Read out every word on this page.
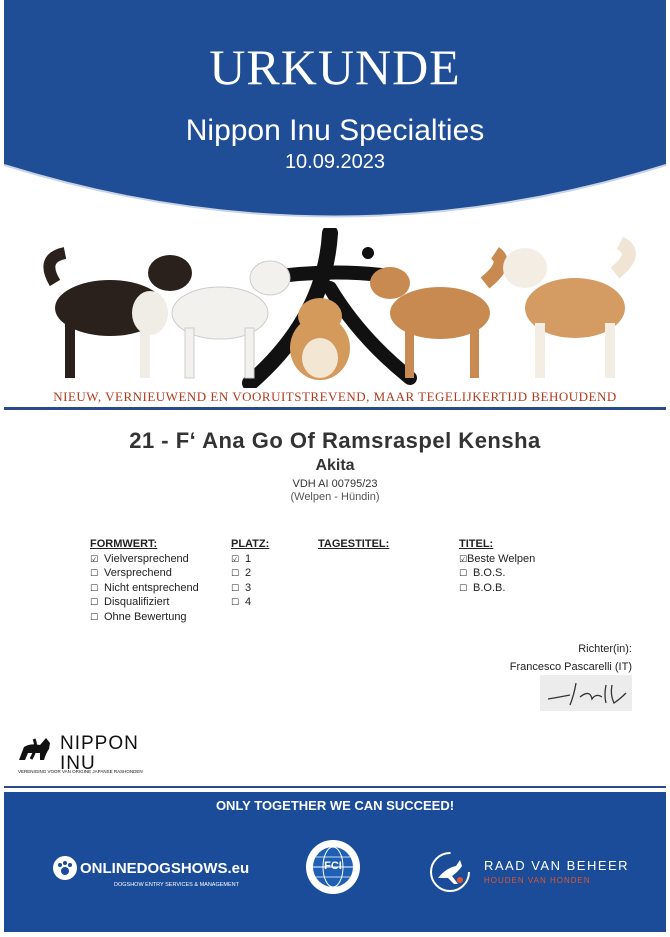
URKUNDE
Nippon Inu Specialties
10.09.2023
NIEUW, VERNIEUWEND EN VOORUITSTREVEND, MAAR TEGELIJKERTIJD BEHOUDEND
21 - F‘ Ana Go Of Ramsraspel Kensha
Akita
VDH AI 00795/23
(Welpen - Hündin)
FORMWERT:
☑ Vielversprechend
☐ Versprechend
☐ Nicht entsprechend
☐ Disqualifiziert
☐ Ohne Bewertung
PLATZ:
☑ 1
☐ 2
☐ 3
☐ 4
TAGESTITEL:	TITEL:
☑Beste Welpen
☐ B.O.S.
☐ B.O.B.
Richter(in):
Francesco Pascarelli (IT)
NIPPON
INU
VERENIGING VOOR VAN ORIGINE JAPANSE RASHONDEN
ONLY TOGETHER WE CAN SUCCEED!
ONLINEDOGSHOWS.eu
DOGSHOW ENTRY SERVICES & MANAGEMENT
FCI	RAAD VAN BEHEER
HOUDEN VAN HONDEN
